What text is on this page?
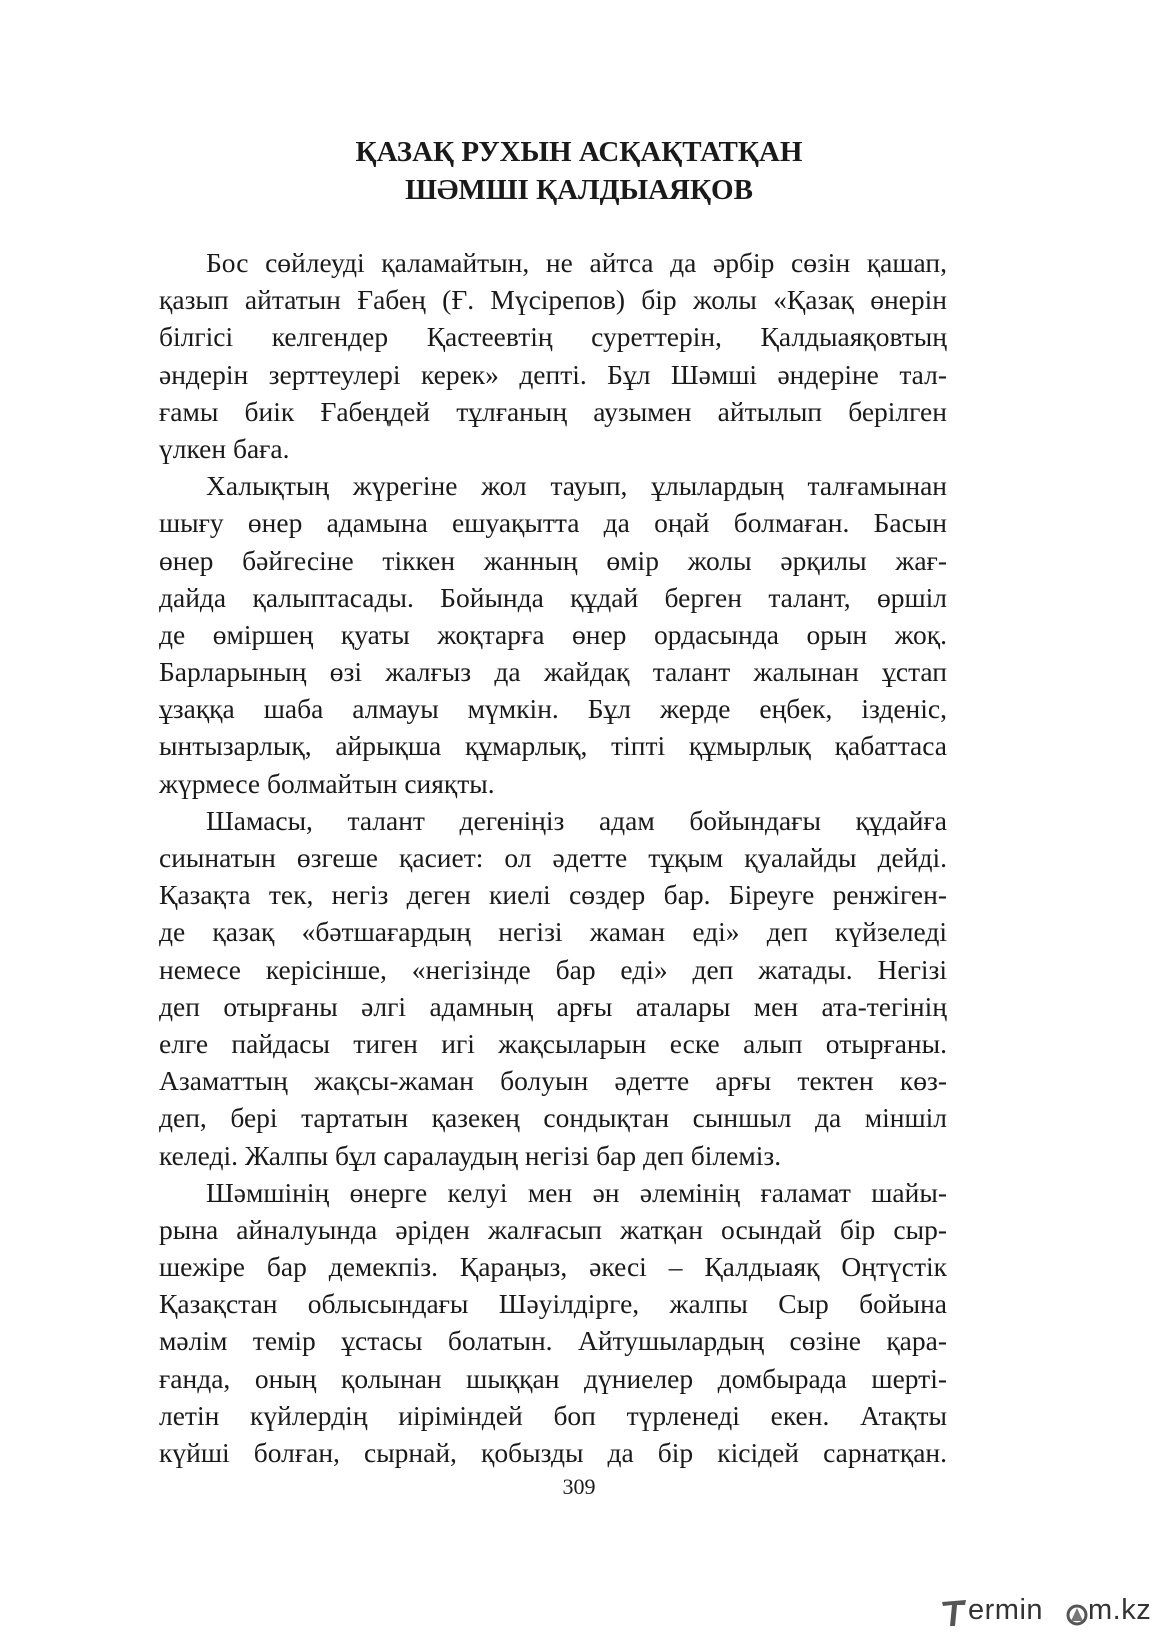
ҚАЗАҚ РУХЫН АСҚАҚТАТҚАН
ШӘМШІ ҚАЛДЫАЯҚОВ
Бос сөйлеуді қаламайтын, не айтса да әрбір сөзін қашап,
қазып айтатын Ғабең (Ғ. Мүсірепов) бір жолы «Қазақ өнерін
білгісі келгендер Қастеевтің суреттерін, Қалдыаяқовтың
әндерін зерттеулері керек» депті. Бұл Шәмші әндеріне тал-
ғамы биік Ғабеңдей тұлғаның аузымен айтылып берілген
үлкен баға.
Халықтың жүрегіне жол тауып, ұлылардың талғамынан
шығу өнер адамына ешуақытта да оңай болмаған. Басын
өнер бәйгесіне тіккен жанның өмір жолы әрқилы жағ-
дайда қалыптасады. Бойында құдай берген талант, өршіл
де өміршең қуаты жоқтарға өнер ордасында орын жоқ.
Барларының өзі жалғыз да жайдақ талант жалынан ұстап
ұзаққа шаба алмауы мүмкін. Бұл жерде еңбек, ізденіс,
ынтызарлық, айрықша құмарлық, тіпті құмырлық қабаттаса
жүрмесе болмайтын сияқты.
Шамасы, талант дегеніңіз адам бойындағы құдайға
сиынатын өзгеше қасиет: ол әдетте тұқым қуалайды дейді.
Қазақта тек, негіз деген киелі сөздер бар. Біреуге ренжіген-
де қазақ «бәтшағардың негізі жаман еді» деп күйзеледі
немесе керісінше, «негізінде бар еді» деп жатады. Негізі
деп отырғаны әлгі адамның арғы аталары мен ата-тегінің
елге пайдасы тиген игі жақсыларын еске алып отырғаны.
Азаматтың жақсы-жаман болуын әдетте арғы тектен көз-
деп, бері тартатын қазекең сондықтан сыншыл да міншіл
келеді. Жалпы бұл саралаудың негізі бар деп білеміз.
Шәмшінің өнерге келуі мен ән әлемінің ғаламат шайы-
рына айналуында әріден жалғасып жатқан осындай бір сыр-
шежіре бар демекпіз. Қараңыз, әкесі – Қалдыаяқ Оңтүстік
Қазақстан облысындағы Шәуілдірге, жалпы Сыр бойына
мәлім темір ұстасы болатын. Айтушылардың сөзіне қара-
ғанда, оның қолынан шыққан дүниелер домбырада шерті-
летін күйлердің иіріміндей боп түрленеді екен. Атақты
күйші болған, сырнай, қобызды да бір кісідей сарнатқан.
309
ermin m.kz
